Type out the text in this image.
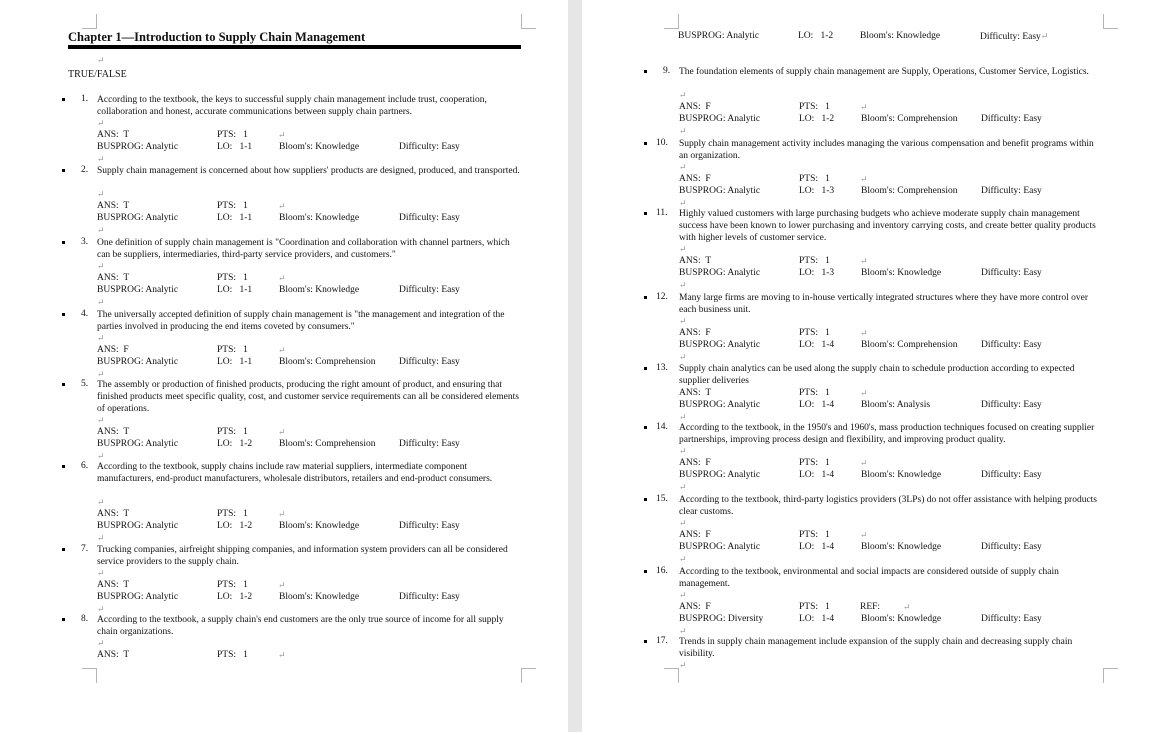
Chapter 1—Introduction to Supply Chain Management
↵
TRUE/FALSE
1. According to the textbook, the keys to successful supply chain management include trust, cooperation, collaboration and honest, accurate communications between supply chain partners.
↵
ANS: T	PTS: 1	↵
BUSPROG: Analytic	LO: 1-1	Bloom's: Knowledge	Difficulty: Easy
↵
2. Supply chain management is concerned about how suppliers' products are designed, produced, and transported.
↵
ANS: T	PTS: 1	↵
BUSPROG: Analytic	LO: 1-1	Bloom's: Knowledge	Difficulty: Easy
↵
3. One definition of supply chain management is "Coordination and collaboration with channel partners, which can be suppliers, intermediaries, third-party service providers, and customers."
↵
ANS: T	PTS: 1	↵
BUSPROG: Analytic	LO: 1-1	Bloom's: Knowledge	Difficulty: Easy
↵
4. The universally accepted definition of supply chain management is "the management and integration of the parties involved in producing the end items coveted by consumers."
↵
ANS: F	PTS: 1	↵
BUSPROG: Analytic	LO: 1-1	Bloom's: Comprehension Difficulty: Easy
↵
5. The assembly or production of finished products, producing the right amount of product, and ensuring that finished products meet specific quality, cost, and customer service requirements can all be considered elements of operations.
↵
ANS: T	PTS: 1	↵
BUSPROG: Analytic	LO: 1-2	Bloom's: Comprehension Difficulty: Easy
↵
6. According to the textbook, supply chains include raw material suppliers, intermediate component manufacturers, end-product manufacturers, wholesale distributors, retailers and end-product consumers.
↵
ANS: T	PTS: 1	↵
BUSPROG: Analytic	LO: 1-2	Bloom's: Knowledge	Difficulty: Easy
↵
7. Trucking companies, airfreight shipping companies, and information system providers can all be considered service providers to the supply chain.
↵
ANS: T	PTS: 1	↵
BUSPROG: Analytic	LO: 1-2	Bloom's: Knowledge	Difficulty: Easy
↵
8. According to the textbook, a supply chain's end customers are the only true source of income for all supply chain organizations.
↵
ANS: T	PTS: 1	↵
BUSPROG: Analytic	LO: 1-2	Bloom's: Knowledge	Difficulty: Easy↵
9. The foundation elements of supply chain management are Supply, Operations, Customer Service, Logistics.
↵
ANS: F	PTS: 1	↵
BUSPROG: Analytic	LO: 1-2	Bloom's: Comprehension Difficulty: Easy
↵
10. Supply chain management activity includes managing the various compensation and benefit programs within an organization.
↵
ANS: F	PTS: 1	↵
BUSPROG: Analytic	LO: 1-3	Bloom's: Comprehension Difficulty: Easy
↵
11. Highly valued customers with large purchasing budgets who achieve moderate supply chain management success have been known to lower purchasing and inventory carrying costs, and create better quality products with higher levels of customer service.
↵
ANS: T	PTS: 1	↵
BUSPROG: Analytic	LO: 1-3	Bloom's: Knowledge	Difficulty: Easy
↵
12. Many large firms are moving to in-house vertically integrated structures where they have more control over each business unit.
↵
ANS: F	PTS: 1	↵
BUSPROG: Analytic	LO: 1-4	Bloom's: Comprehension Difficulty: Easy
↵
13. Supply chain analytics can be used along the supply chain to schedule production according to expected supplier deliveries
ANS: T	PTS: 1	↵
BUSPROG: Analytic	LO: 1-4	Bloom's: Analysis	Difficulty: Easy
↵
14. According to the textbook, in the 1950's and 1960's, mass production techniques focused on creating supplier partnerships, improving process design and flexibility, and improving product quality.
↵
ANS: F	PTS: 1	↵
BUSPROG: Analytic	LO: 1-4	Bloom's: Knowledge	Difficulty: Easy
↵
15. According to the textbook, third-party logistics providers (3LPs) do not offer assistance with helping products clear customs.
↵
ANS: F	PTS: 1	↵
BUSPROG: Analytic	LO: 1-4	Bloom's: Knowledge	Difficulty: Easy
↵
16. According to the textbook, environmental and social impacts are considered outside of supply chain management.
↵
ANS: F	PTS: 1	REF:	↵
BUSPROG: Diversity	LO: 1-4	Bloom's: Knowledge	Difficulty: Easy
↵
17. Trends in supply chain management include expansion of the supply chain and decreasing supply chain visibility.
↵
